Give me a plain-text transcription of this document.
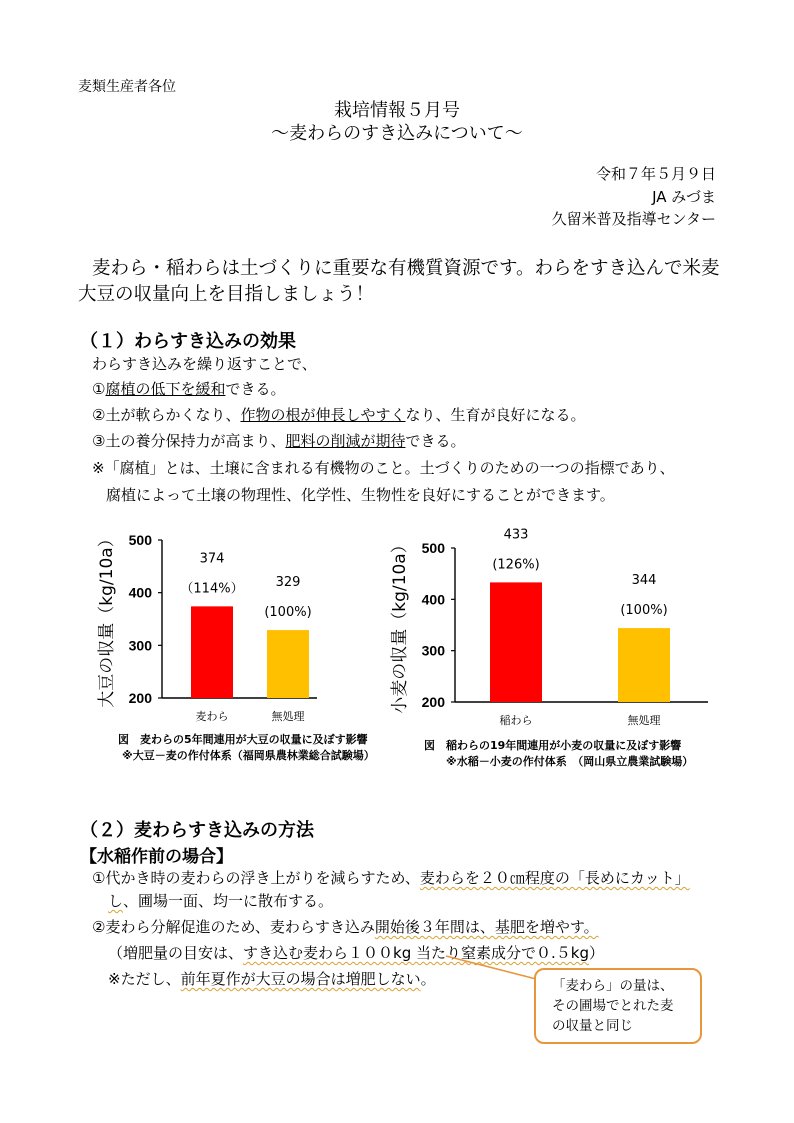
麦類生産者各位
栽培情報５月号
～麦わらのすき込みについて～
令和７年５月９日
JA みづま
久留米普及指導センター
麦わら・稲わらは土づくりに重要な有機質資源です。わらをすき込んで米麦
大豆の収量向上を目指しましょう！
（１）わらすき込みの効果
わらすき込みを繰り返すことで、
①腐植の低下を緩和できる。
②土が軟らかくなり、作物の根が伸長しやすくなり、生育が良好になる。
③土の養分保持力が高まり、肥料の削減が期待できる。
※「腐植」とは、土壌に含まれる有機物のこと。土づくりのための一つの指標であり、
腐植によって土壌の物理性、化学性、生物性を良好にすることができます。
200
300
400
500
大豆の収量（kg/10a）	374
（114%）
麦わら
329
(100%)
無処理
図　麦わらの5年間連用が大豆の収量に及ぼす影響
※大豆－麦の作付体系（福岡県農林業総合試験場）
200
300
400
500
小麦の収量（kg/10a）
433
(126%)
稲わら
344
(100%)
無処理
図　稲わらの19年間連用が小麦の収量に及ぼす影響
※水稲－小麦の作付体系　（岡山県立農業試験場）
（２）麦わらすき込みの方法
【水稲作前の場合】
①代かき時の麦わらの浮き上がりを減らすため、麦わらを２０㎝程度の「長めにカット」
し、圃場一面、均一に散布する。
②麦わら分解促進のため、麦わらすき込み開始後３年間は、基肥を増やす。
（増肥量の目安は、すき込む麦わら１００kg 当たり窒素成分で０.５kg）
※ただし、前年夏作が大豆の場合は増肥しない。	「麦わら」の量は、
その圃場でとれた麦
の収量と同じ
